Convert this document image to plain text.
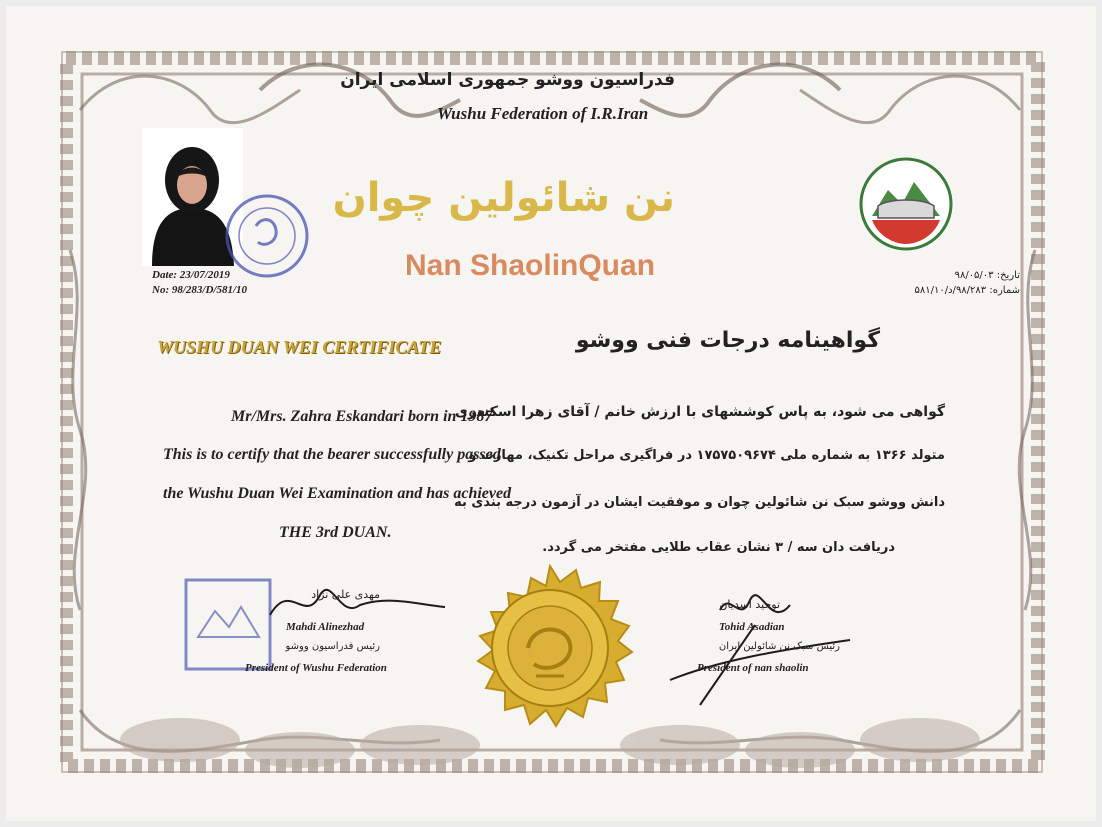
فدراسیون ووشو جمهوری اسلامی ایران
Wushu Federation of I.R.Iran
نن شائولین چوان
Nan ShaolinQuan
Date: 23/07/2019
No: 98/283/D/581/10
تاریخ: ۹۸/۰۵/۰۳
شماره: ۹۸/۲۸۳/د/۵۸۱/۱۰
WUSHU DUAN WEI CERTIFICATE	گواهینامه درجات فنی ووشو
Mr/Mrs. Zahra Eskandari born in 1987
This is to certify that the bearer successfully passed
the Wushu Duan Wei Examination and has achieved
THE 3rd DUAN.
گواهی می شود، به پاس کوششهای با ارزش خانم / آقای زهرا اسکندری
متولد ۱۳۶۶ به شماره ملی ۱۷۵۷۵۰۹۶۷۴ در فراگیری مراحل تکنیک، مهارت و
دانش ووشو سبک نن شائولین چوان و موفقیت ایشان در آزمون درجه بندی به
دریافت دان سه / ۳ نشان عقاب طلایی مفتخر می گردد.
مهدی علی نژاد
Mahdi Alinezhad
رئیس فدراسیون ووشو
President of Wushu Federation
توحید اسدیان
Tohid Asadian
رئیس سبک نن شائولین ایران
President of nan shaolin
